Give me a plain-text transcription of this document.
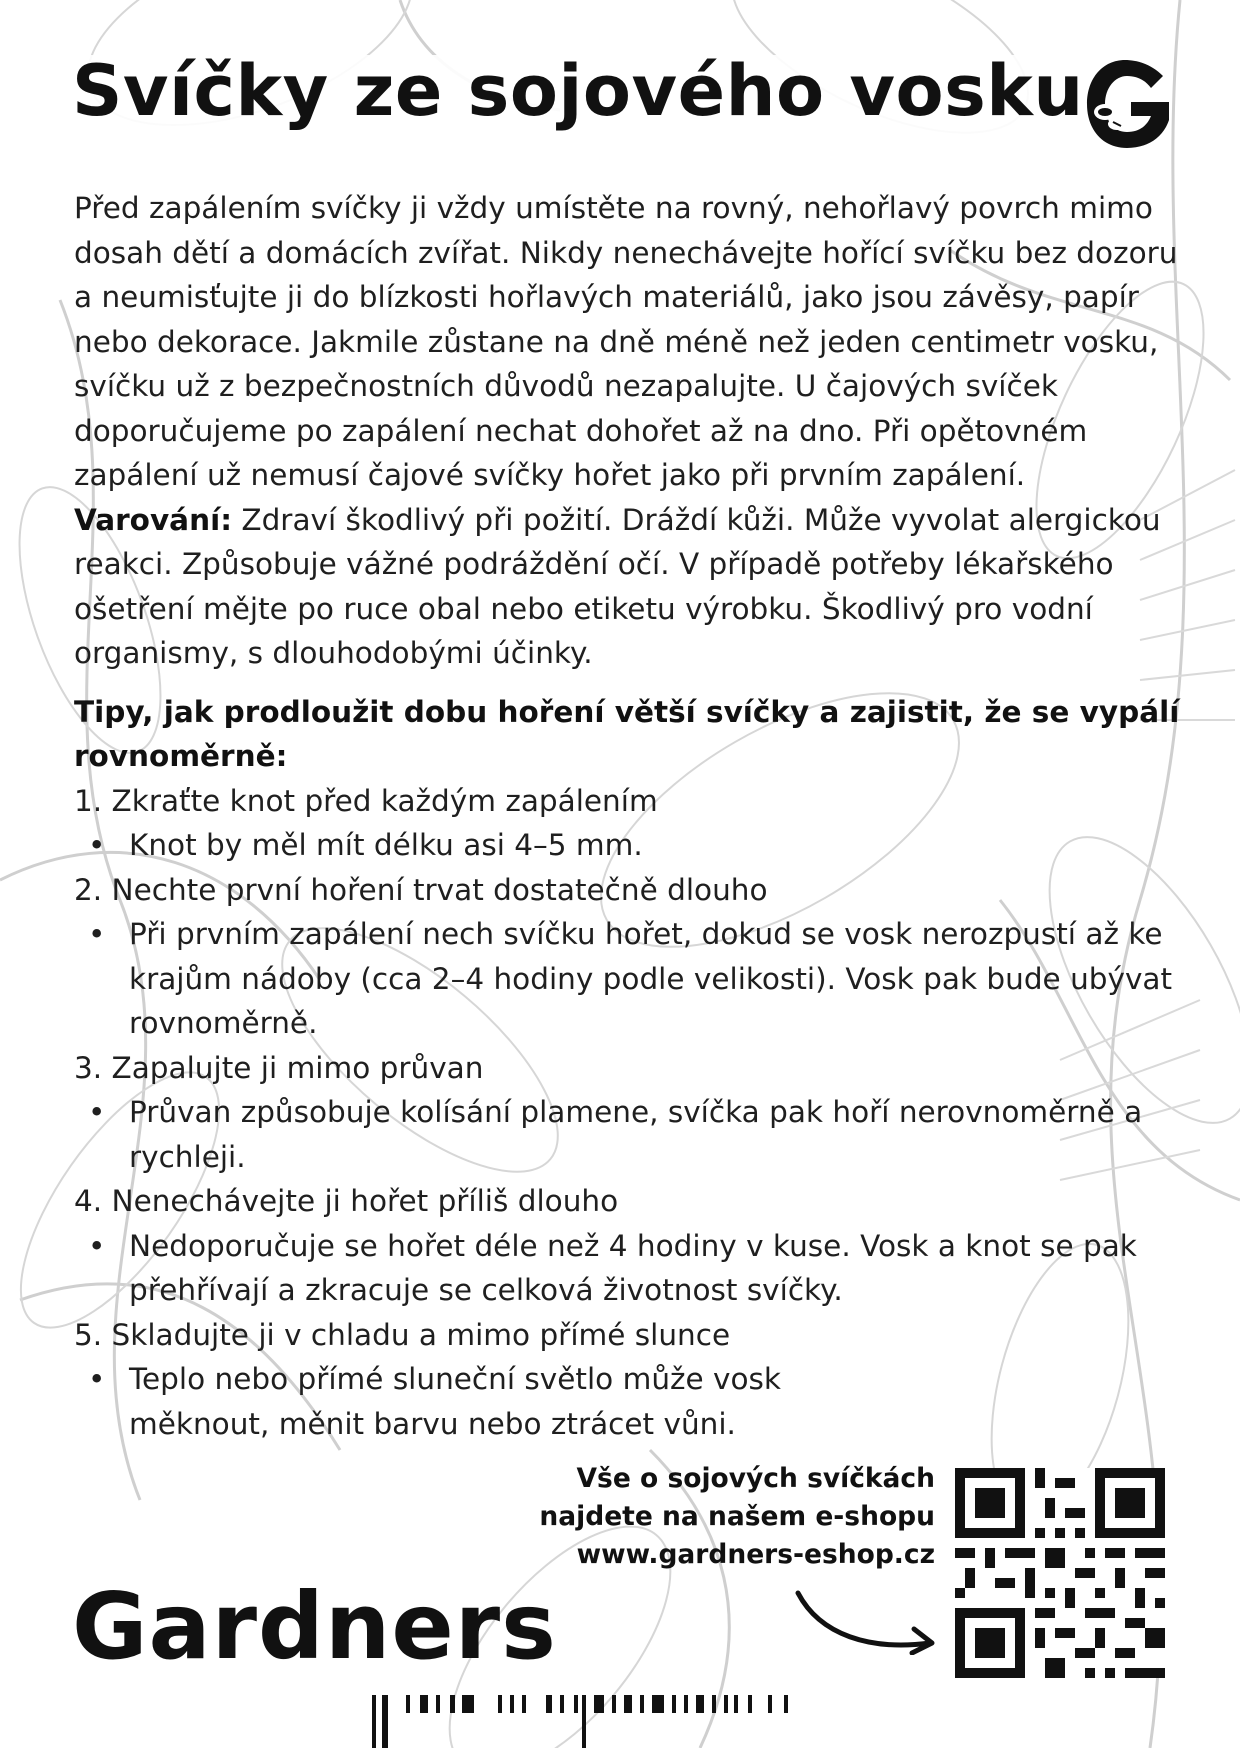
Svíčky ze sojového vosku

Před zapálením svíčky ji vždy umístěte na rovný, nehořlavý povrch mimo dosah dětí a domácích zvířat. Nikdy nenechávejte hořící svíčku bez dozoru a neumisťujte ji do blízkosti hořlavých materiálů, jako jsou závěsy, papír nebo dekorace. Jakmile zůstane na dně méně než jeden centimetr vosku, svíčku už z bezpečnostních důvodů nezapalujte. U čajových svíček doporučujeme po zapálení nechat dohořet až na dno. Při opětovném zapálení už nemusí čajové svíčky hořet jako při prvním zapálení.

Varování: Zdraví škodlivý při požití. Dráždí kůži. Může vyvolat alergickou reakci. Způsobuje vážné podráždění očí. V případě potřeby lékařského ošetření mějte po ruce obal nebo etiketu výrobku. Škodlivý pro vodní organismy, s dlouhodobými účinky.

Tipy, jak prodloužit dobu hoření větší svíčky a zajistit, že se vypálí rovnoměrně:

1. Zkraťte knot před každým zapálením
• Knot by měl mít délku asi 4–5 mm.
2. Nechte první hoření trvat dostatečně dlouho
• Při prvním zapálení nech svíčku hořet, dokud se vosk nerozpustí až ke krajům nádoby (cca 2–4 hodiny podle velikosti). Vosk pak bude ubývat rovnoměrně.
3. Zapalujte ji mimo průvan
• Průvan způsobuje kolísání plamene, svíčka pak hoří nerovnoměrně a rychleji.
4. Nenechávejte ji hořet příliš dlouho
• Nedoporučuje se hořet déle než 4 hodiny v kuse. Vosk a knot se pak přehřívají a zkracuje se celková životnost svíčky.
5. Skladujte ji v chladu a mimo přímé slunce
• Teplo nebo přímé sluneční světlo může vosk měknout, měnit barvu nebo ztrácet vůni.
Vše o sojových svíčkách
najdete na našem e-shopu
www.gardners-eshop.cz
Gardners
